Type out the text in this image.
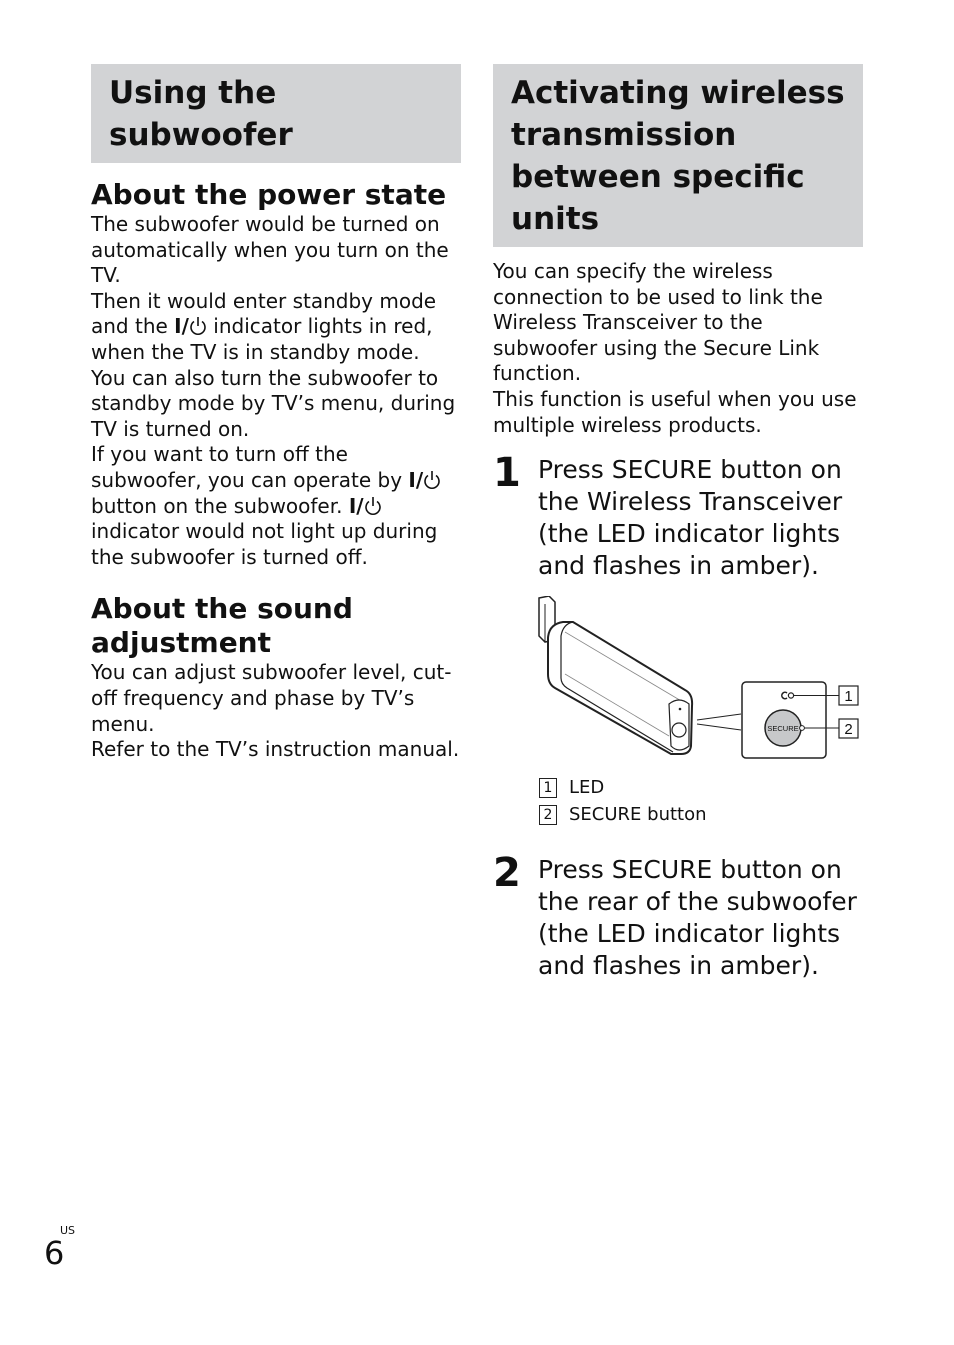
Using the subwoofer
About the power state

The subwoofer would be turned on automatically when you turn on the TV.

Then it would enter standby mode and the I/ indicator lights in red, when the TV is in standby mode.

You can also turn the subwoofer to standby mode by TV’s menu, during TV is turned on.

If you want to turn off the subwoofer, you can operate by I/ button on the subwoofer. I/ indicator would not light up during the subwoofer is turned off.

About the sound adjustment

You can adjust subwoofer level, cut-off frequency and phase by TV’s menu.

Refer to the TV’s instruction manual.

Activating wireless transmission between specific units

You can specify the wireless connection to be used to link the Wireless Transceiver to the subwoofer using the Secure Link function.

This function is useful when you use multiple wireless products.

1 Press SECURE button on the Wireless Transceiver (the LED indicator lights and flashes in amber).
SECURE
1
2
1 LED
2 SECURE button
2 Press SECURE button on the rear of the subwoofer (the LED indicator lights and flashes in amber).
US
6
